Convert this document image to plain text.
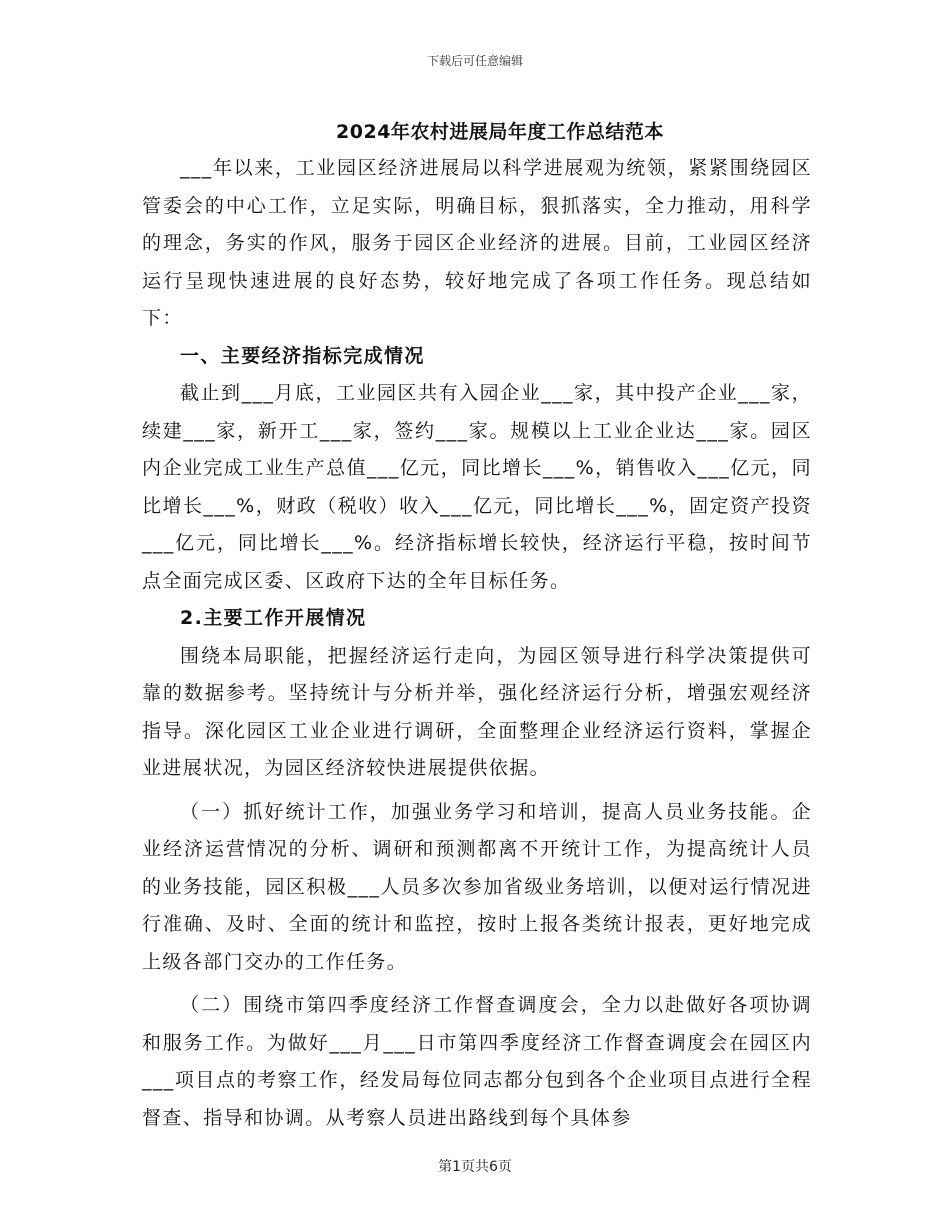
下载后可任意编辑
2024年农村进展局年度工作总结范本

___年以来，工业园区经济进展局以科学进展观为统领，紧紧围绕园区管委会的中心工作，立足实际，明确目标，狠抓落实，全力推动，用科学的理念，务实的作风，服务于园区企业经济的进展。目前，工业园区经济运行呈现快速进展的良好态势，较好地完成了各项工作任务。现总结如下：

一、主要经济指标完成情况

截止到___月底，工业园区共有入园企业___家，其中投产企业___家，续建___家，新开工___家，签约___家。规模以上工业企业达___家。园区内企业完成工业生产总值___亿元，同比增长___%，销售收入___亿元，同比增长___%，财政（税收）收入___亿元，同比增长___%，固定资产投资___亿元，同比增长___%。经济指标增长较快，经济运行平稳，按时间节点全面完成区委、区政府下达的全年目标任务。

2.主要工作开展情况

围绕本局职能，把握经济运行走向，为园区领导进行科学决策提供可靠的数据参考。坚持统计与分析并举，强化经济运行分析，增强宏观经济指导。深化园区工业企业进行调研，全面整理企业经济运行资料，掌握企业进展状况，为园区经济较快进展提供依据。

（一）抓好统计工作，加强业务学习和培训，提高人员业务技能。企业经济运营情况的分析、调研和预测都离不开统计工作，为提高统计人员的业务技能，园区积极___人员多次参加省级业务培训，以便对运行情况进行准确、及时、全面的统计和监控，按时上报各类统计报表，更好地完成上级各部门交办的工作任务。

（二）围绕市第四季度经济工作督查调度会，全力以赴做好各项协调和服务工作。为做好___月___日市第四季度经济工作督查调度会在园区内___项目点的考察工作，经发局每位同志都分包到各个企业项目点进行全程督查、指导和协调。从考察人员进出路线到每个具体参

第1页共6页
